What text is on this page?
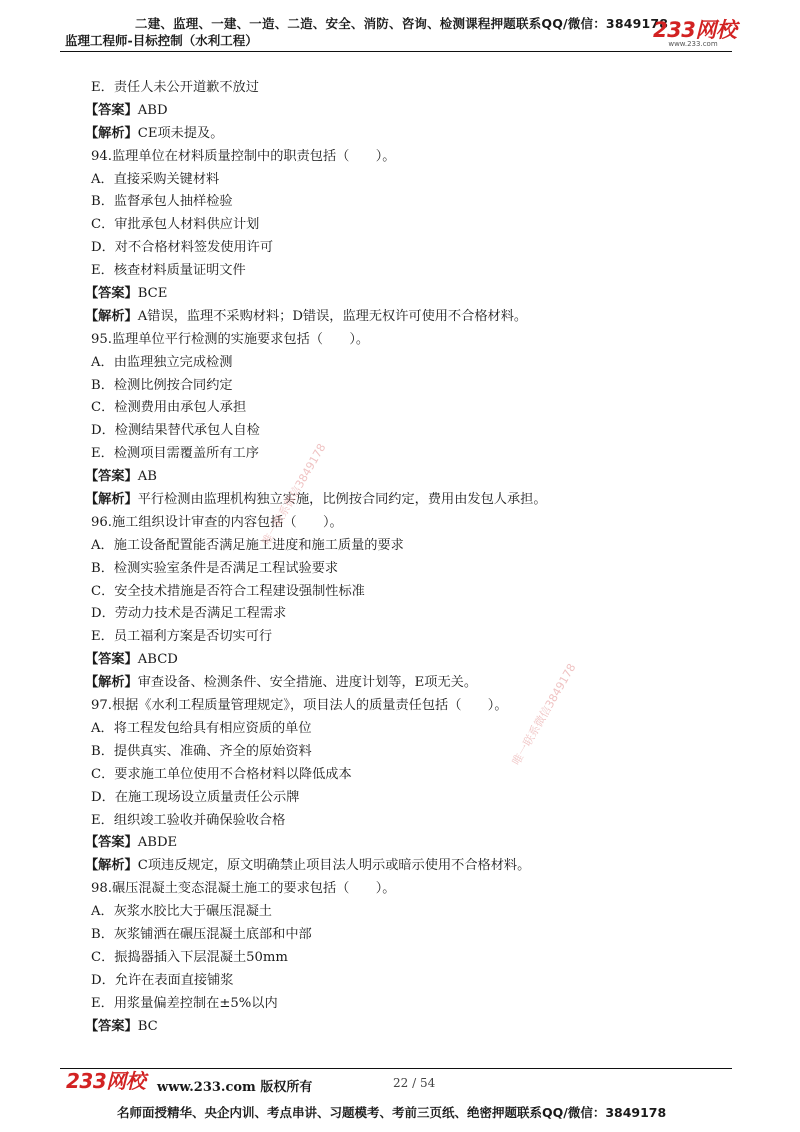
二建、监理、一建、一造、二造、安全、消防、咨询、检测课程押题联系QQ/微信：3849178
监理工程师-目标控制（水利工程）	233网校
www.233.com
E．责任人未公开道歉不放过
【答案】ABD
【解析】CE项未提及。
94.监理单位在材料质量控制中的职责包括（　　）。
A．直接采购关键材料
B．监督承包人抽样检验
C．审批承包人材料供应计划
D．对不合格材料签发使用许可
E．核查材料质量证明文件
【答案】BCE
【解析】A错误，监理不采购材料；D错误，监理无权许可使用不合格材料。
95.监理单位平行检测的实施要求包括（　　）。
A．由监理独立完成检测
B．检测比例按合同约定
C．检测费用由承包人承担
D．检测结果替代承包人自检
E．检测项目需覆盖所有工序
【答案】AB
【解析】平行检测由监理机构独立实施，比例按合同约定，费用由发包人承担。
96.施工组织设计审查的内容包括（　　）。
A．施工设备配置能否满足施工进度和施工质量的要求
B．检测实验室条件是否满足工程试验要求
C．安全技术措施是否符合工程建设强制性标准
D．劳动力技术是否满足工程需求
E．员工福利方案是否切实可行
【答案】ABCD
【解析】审查设备、检测条件、安全措施、进度计划等，E项无关。
97.根据《水利工程质量管理规定》，项目法人的质量责任包括（　　）。
A．将工程发包给具有相应资质的单位
B．提供真实、准确、齐全的原始资料
C．要求施工单位使用不合格材料以降低成本
D．在施工现场设立质量责任公示牌
E．组织竣工验收并确保验收合格
【答案】ABDE
【解析】C项违反规定，原文明确禁止项目法人明示或暗示使用不合格材料。
98.碾压混凝土变态混凝土施工的要求包括（　　）。
A．灰浆水胶比大于碾压混凝土
B．灰浆铺洒在碾压混凝土底部和中部
C．振捣器插入下层混凝土50mm
D．允许在表面直接铺浆
E．用浆量偏差控制在±5%以内
【答案】BC
唯一联系微信3849178
唯一联系微信3849178
233网校 www.233.com 版权所有	22 / 54
名师面授精华、央企内训、考点串讲、习题模考、考前三页纸、绝密押题联系QQ/微信：3849178
